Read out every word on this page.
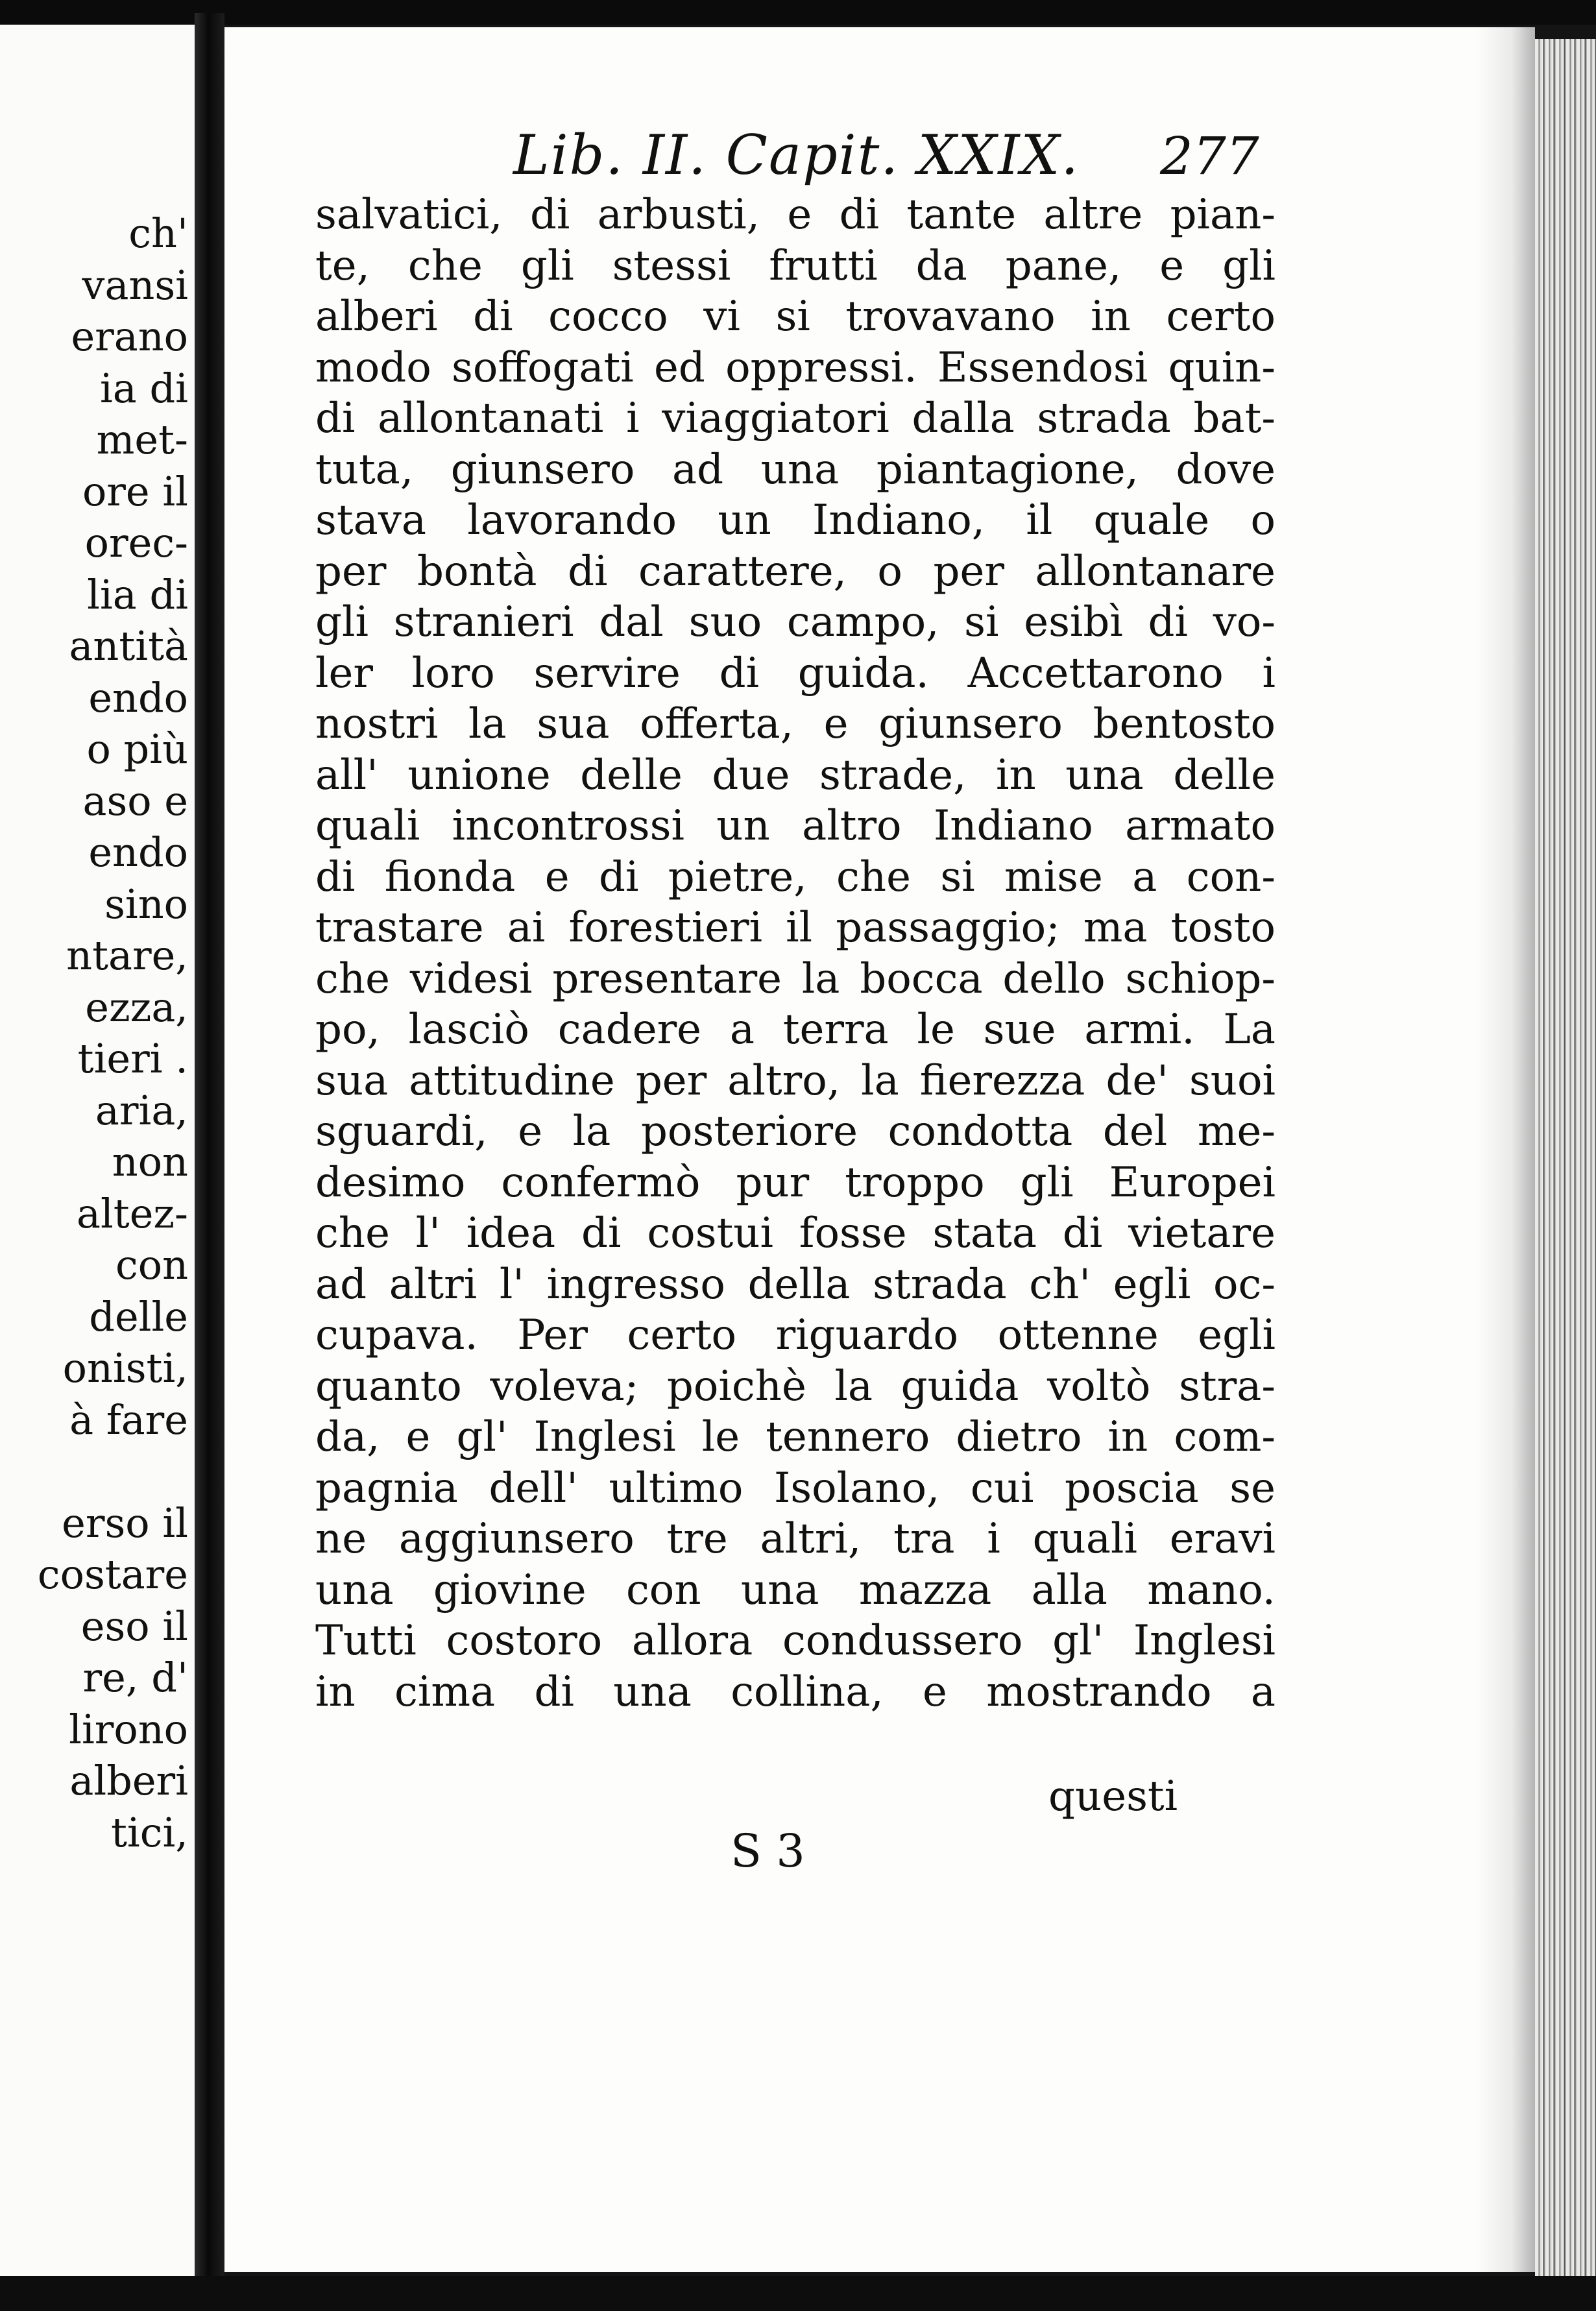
ch'
vansi
erano
ia di
met-
ore il
orec-
lia di
antità
endo
o più
aso e
endo
sino
ntare,
ezza,
tieri .
aria,
non
altez-
con
delle
onisti,
à fare
erso il
costare
eso il
re, d'
lirono
alberi
tici,
Lib. II. Capit. XXIX. 277
salvatici, di arbusti, e di tante altre pian-
te, che gli stessi frutti da pane, e gli
alberi di cocco vi si trovavano in certo
modo soffogati ed oppressi. Essendosi quin-
di allontanati i viaggiatori dalla strada bat-
tuta, giunsero ad una piantagione, dove
stava lavorando un Indiano, il quale o
per bontà di carattere, o per allontanare
gli stranieri dal suo campo, si esibì di vo-
ler loro servire di guida. Accettarono i
nostri la sua offerta, e giunsero bentosto
all' unione delle due strade, in una delle
quali incontrossi un altro Indiano armato
di fionda e di pietre, che si mise a con-
trastare ai forestieri il passaggio; ma tosto
che videsi presentare la bocca dello schiop-
po, lasciò cadere a terra le sue armi. La
sua attitudine per altro, la fierezza de' suoi
sguardi, e la posteriore condotta del me-
desimo confermò pur troppo gli Europei
che l' idea di costui fosse stata di vietare
ad altri l' ingresso della strada ch' egli oc-
cupava. Per certo riguardo ottenne egli
quanto voleva; poichè la guida voltò stra-
da, e gl' Inglesi le tennero dietro in com-
pagnia dell' ultimo Isolano, cui poscia se
ne aggiunsero tre altri, tra i quali eravi
una giovine con una mazza alla mano.
Tutti costoro allora condussero gl' Inglesi
in cima di una collina, e mostrando a
questi
S 3
